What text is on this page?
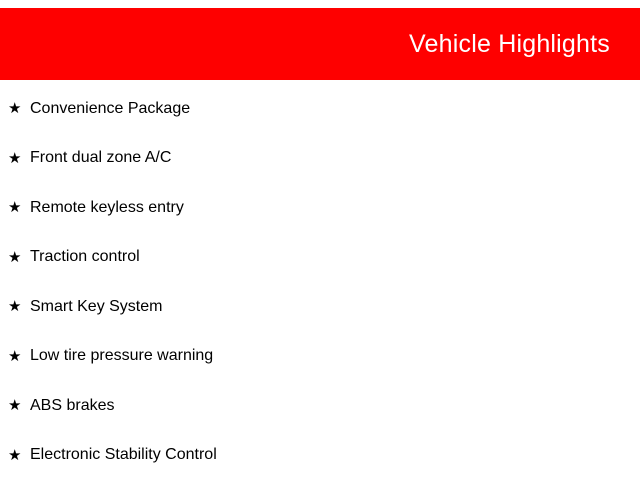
Vehicle Highlights
★ Convenience Package
★ Front dual zone A/C
★ Remote keyless entry
★ Traction control
★ Smart Key System
★ Low tire pressure warning
★ ABS brakes
★ Electronic Stability Control
